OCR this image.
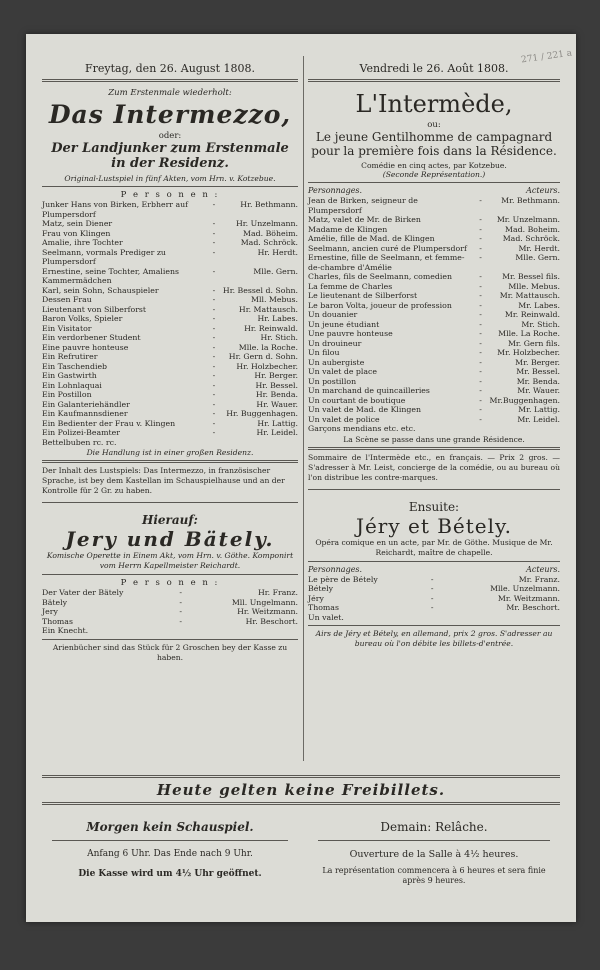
271 / 221 a
Freytag, den 26. August 1808.
Zum Erstenmale wiederholt:
Das Intermezzo,
oder:
Der Landjunker zum Erstenmale in der Residenz.
Original-Lustspiel in fünf Akten, vom Hrn. v. Kotzebue.
P e r s o n e n :
Junker Hans von Birken, Erbherr auf Plumpersdorf	-	Hr. Bethmann.
Matz, sein Diener	-	Hr. Unzelmann.
Frau von Klingen	-	Mad. Böheim.
Amalie, ihre Tochter	-	Mad. Schröck.
Seelmann, vormals Prediger zu Plumpersdorf	-	Hr. Herdt.
Ernestine, seine Tochter, Amaliens Kammermädchen	-	Mlle. Gern.
Karl, sein Sohn, Schauspieler	-	Hr. Bessel d. Sohn.
Dessen Frau	-	Mll. Mebus.
Lieutenant von Silberforst	-	Hr. Mattausch.
Baron Volks, Spieler	-	Hr. Labes.
Ein Visitator	-	Hr. Reinwald.
Ein verdorbener Student	-	Hr. Stich.
Eine pauvre honteuse	-	Mlle. la Roche.
Ein Refrutirer	-	Hr. Gern d. Sohn.
Ein Taschendieb	-	Hr. Holzbecher.
Ein Gastwirth	-	Hr. Berger.
Ein Lohnlaquai	-	Hr. Bessel.
Ein Postillon	-	Hr. Benda.
Ein Galanteriehändler	-	Hr. Wauer.
Ein Kaufmannsdiener	-	Hr. Buggenhagen.
Ein Bedienter der Frau v. Klingen	-	Hr. Lattig.
Ein Polizei-Beamter	-	Hr. Leidel.
Bettelbuben rc. rc.		
Die Handlung ist in einer großen Residenz.
Der Inhalt des Lustspiels: Das Intermezzo, in französischer Sprache, ist bey dem Kastellan im Schauspielhause und an der Kontrolle für 2 Gr. zu haben.
Hierauf:
Jery und Bätely.
Komische Operette in Einem Akt, vom Hrn. v. Göthe. Komponirt vom Herrn Kapellmeister Reichardt.
P e r s o n e n :
Der Vater der Bätely	-	Hr. Franz.
Bätely	-	Mll. Ungelmann.
Jery	-	Hr. Weitzmann.
Thomas	-	Hr. Beschort.
Ein Knecht.		
Arienbücher sind das Stück für 2 Groschen bey der Kasse zu haben.
Vendredi le 26. Août 1808.
L'Intermède,
ou:
Le jeune Gentilhomme de campagnard pour la première fois dans la Résidence.
Comédie en cinq actes, par Kotzebue.
(Seconde Représentation.)
Personnages.	Acteurs.
Jean de Birken, seigneur de Plumpersdorf	-	Mr. Bethmann.
Matz, valet de Mr. de Birken	-	Mr. Unzelmann.
Madame de Klingen	-	Mad. Boheim.
Amélie, fille de Mad. de Klingen	-	Mad. Schröck.
Seelmann, ancien curé de Plumpersdorf	-	Mr. Herdt.
Ernestine, fille de Seelmann, et femme-de-chambre d'Amélie	-	Mlle. Gern.
Charles, fils de Seelmann, comedien	-	Mr. Bessel fils.
La femme de Charles	-	Mlle. Mebus.
Le lieutenant de Silberforst	-	Mr. Mattausch.
Le baron Volta, joueur de profession	-	Mr. Labes.
Un douanier	-	Mr. Reinwald.
Un jeune étudiant	-	Mr. Stich.
Une pauvre honteuse	-	Mlle. La Roche.
Un drouineur	-	Mr. Gern fils.
Un filou	-	Mr. Holzbecher.
Un aubergiste	-	Mr. Berger.
Un valet de place	-	Mr. Bessel.
Un postillon	-	Mr. Benda.
Un marchand de quincailleries	-	Mr. Wauer.
Un courtant de boutique	-	Mr.Buggenhagen.
Un valet de Mad. de Klingen	-	Mr. Lattig.
Un valet de police	-	Mr. Leidel.
Garçons mendians etc. etc.		
La Scène se passe dans une grande Résidence.
Sommaire de l'Intermède etc., en français. — Prix 2 gros. — S'adresser à Mr. Leist, concierge de la comédie, ou au bureau où l'on distribue les contre-marques.
Ensuite:
Jéry et Bétely.
Opéra comique en un acte, par Mr. de Göthe. Musique de Mr. Reichardt, maître de chapelle.
Personnages.	Acteurs.
Le père de Bétely	-	Mr. Franz.
Bétely	-	Mlle. Unzelmann.
Jéry	-	Mr. Weitzmann.
Thomas	-	Mr. Beschort.
Un valet.		
Airs de Jéry et Bétely, en allemand, prix 2 gros. S'adresser au bureau où l'on débite les billets-d'entrée.
Heute gelten keine Freibillets.
Morgen kein Schauspiel.
Anfang 6 Uhr. Das Ende nach 9 Uhr.
Die Kasse wird um 4½ Uhr geöffnet.
Demain: Relâche.
Ouverture de la Salle à 4½ heures.
La représentation commencera à 6 heures et sera finie après 9 heures.
